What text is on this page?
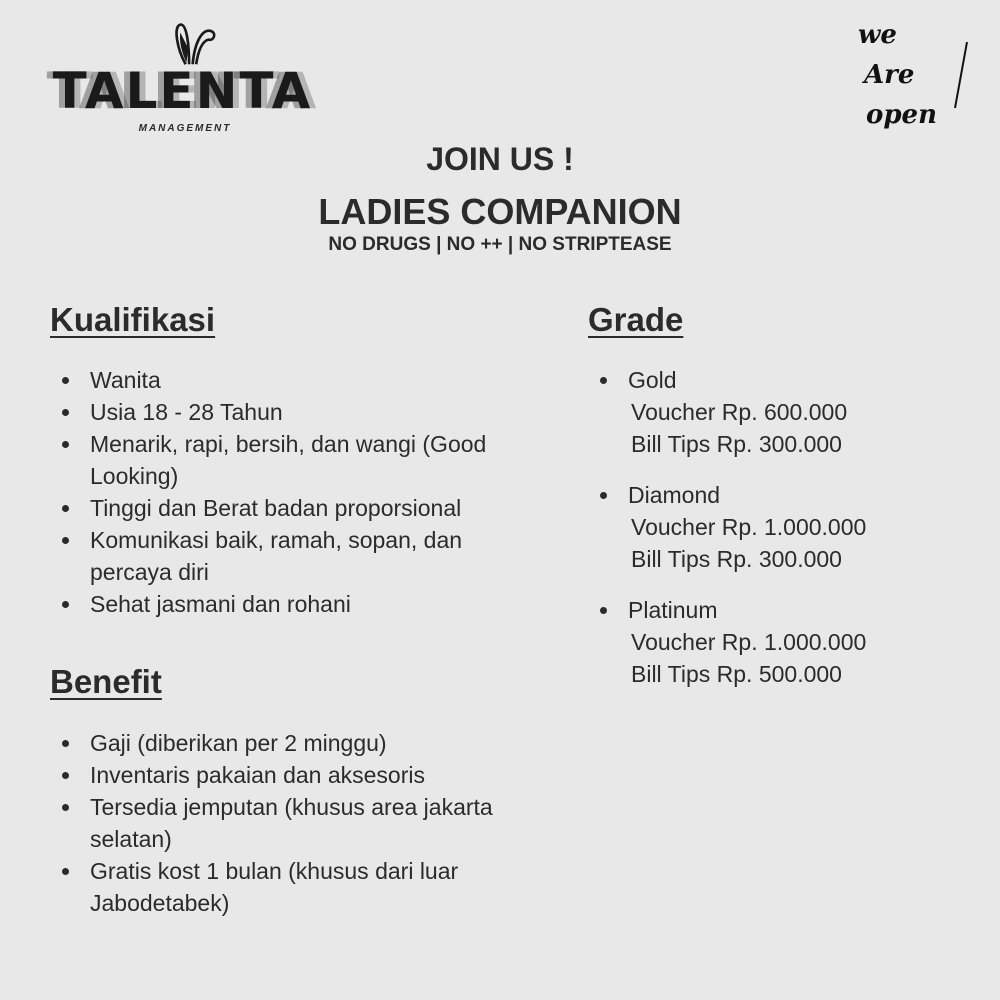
TALENTA
MANAGEMENT
we
Are
open
JOIN US !
LADIES COMPANION
NO DRUGS | NO ++ | NO STRIPTEASE
Kualifikasi
Wanita
Usia 18 - 28 Tahun
Menarik, rapi, bersih, dan wangi (Good Looking)
Tinggi dan Berat badan proporsional
Komunikasi baik, ramah, sopan, dan percaya diri
Sehat jasmani dan rohani
Benefit
Gaji (diberikan per 2 minggu)
Inventaris pakaian dan aksesoris
Tersedia jemputan (khusus area jakarta selatan)
Gratis kost 1 bulan (khusus dari luar Jabodetabek)
Grade
Gold
Voucher Rp. 600.000
Bill Tips Rp. 300.000
Diamond
Voucher Rp. 1.000.000
Bill Tips Rp. 300.000
Platinum
Voucher Rp. 1.000.000
Bill Tips Rp. 500.000
